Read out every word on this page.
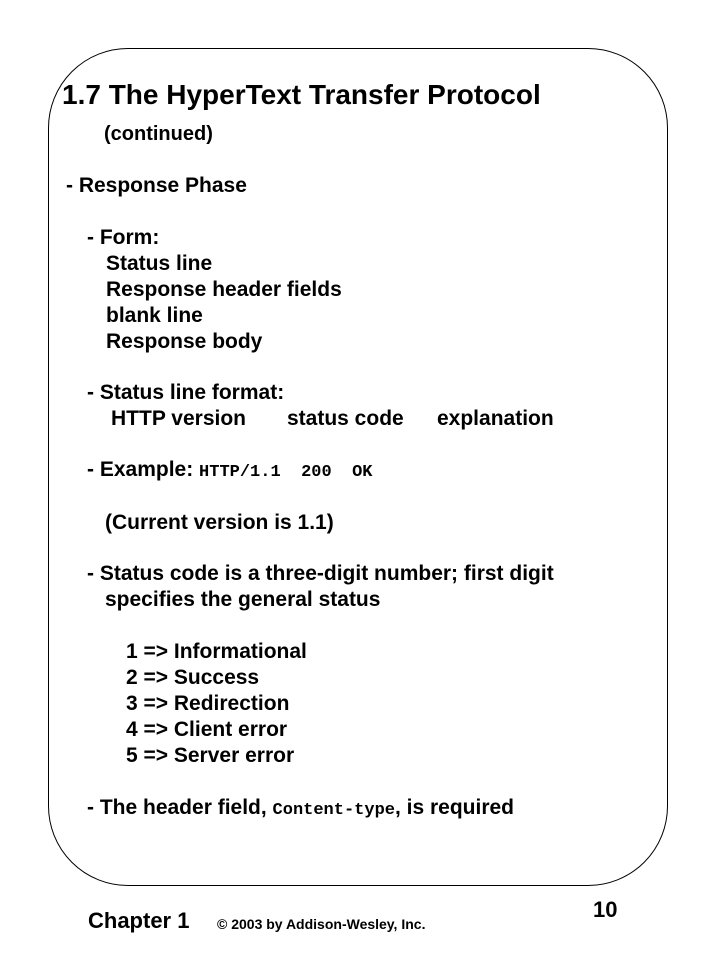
1.7 The HyperText Transfer Protocol
(continued)
- Response Phase
- Form:
Status line
Response header fields
blank line
Response body
- Status line format:
HTTP version status code explanation
- Example: HTTP/1.1  200  OK
(Current version is 1.1)
- Status code is a three-digit number; first digit
specifies the general status
1 => Informational
2 => Success
3 => Redirection
4 => Client error
5 => Server error
- The header field, Content-type, is required
Chapter 1 © 2003 by Addison-Wesley, Inc.
10
